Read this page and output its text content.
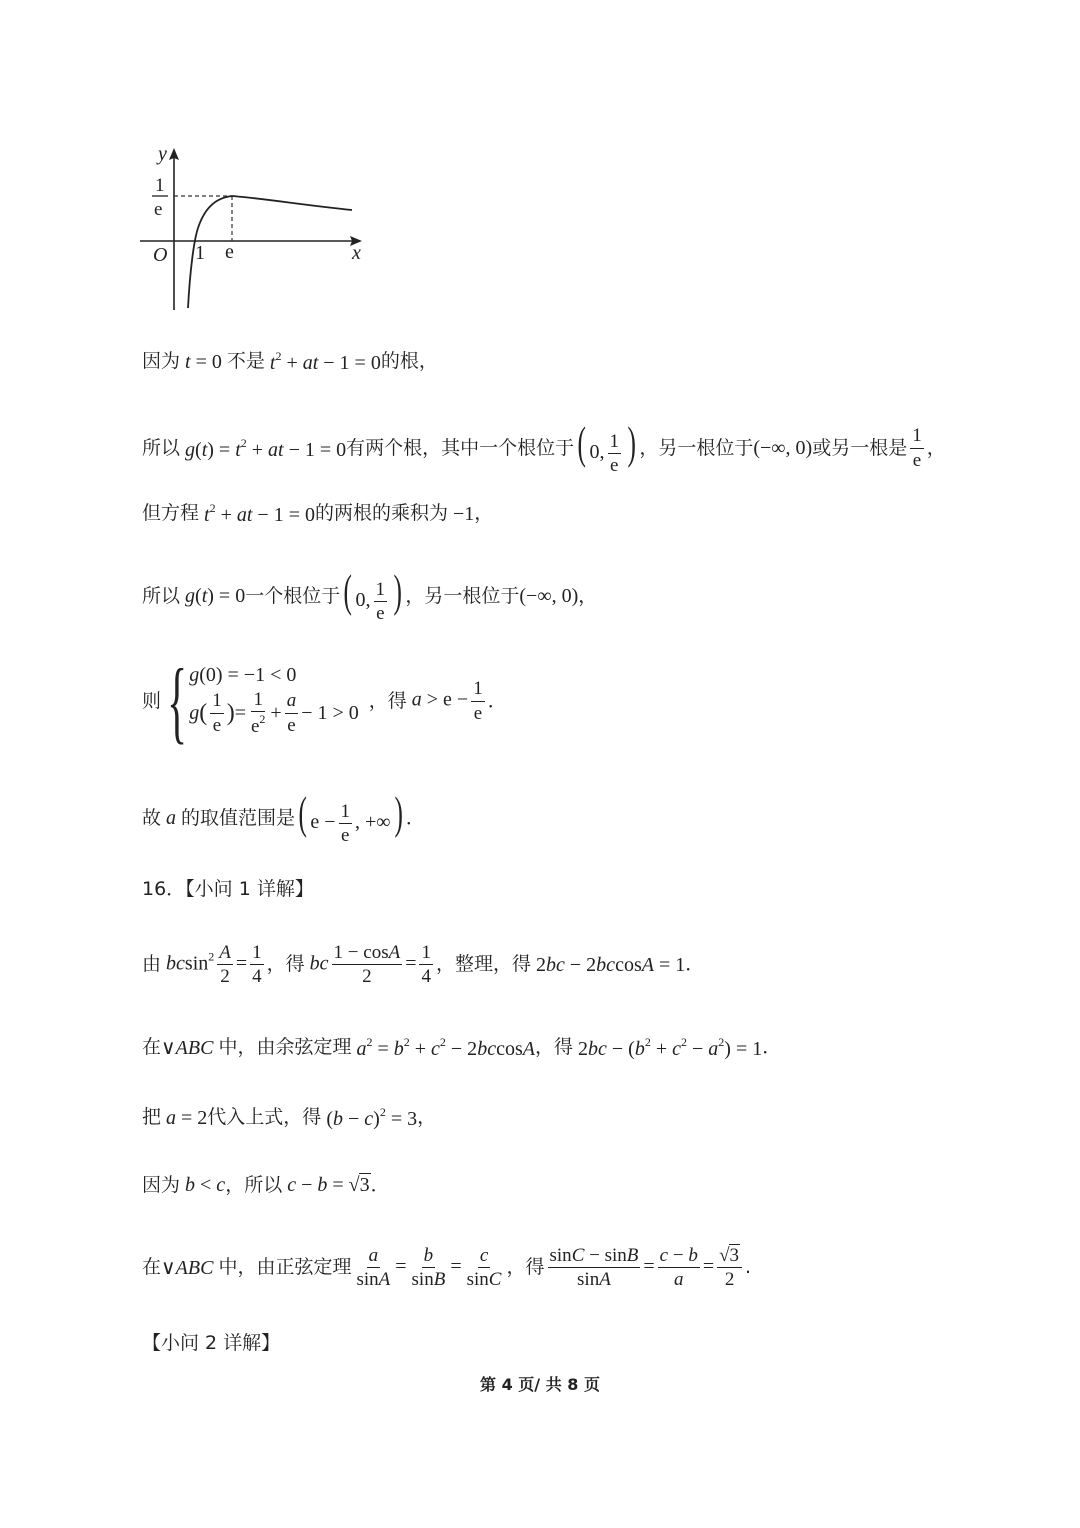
y
x
O 1 e
1
e
因为 t = 0 不是 $t^2$ + at − 1 = 0 的根，
所以 $g(t) = t^2$ + at − 1 = 0 有两个根，其中一个根位于 ( 0, $\frac{1}{e}$ ) ，另一根位于 (−∞, 0) 或另一根是 $\frac{1}{e}$ ，
但方程 $t^2$ + at − 1 = 0 的两根的乘积为 −1 ，
所以 g(t) = 0 一个根位于 ( 0, $\frac{1}{e}$ ) ，另一根位于 (−∞, 0) ，
则 { g (0) = −1 < 0
g ( $\frac{1}{e}$ ) = $\frac{1}{e^2} + \frac{a}{e} - 1 > 0$
，得 $a > e - \frac{1}{e}$ ．
故 a 的取值范围是 ( $e - \frac{1}{e}$ , +∞) ．
16．【小问 1 详解】
由 $bcsin^2 \frac{A}{2} = \frac{1}{4}$ ，得 bc $\frac{1 - \cos A}{2} = \frac{1}{4}$ ，整理，得 2bc − 2bccosA = 1 ．
在 ∨ABC 中，由余弦定理 $a^2 = b^2 + c^2 - 2bccosA$ ，得 $2bc - (b^2 + c^2 - a^2) = 1$ ．
把 a = 2 代入上式，得 $(b - c)^2 = 3$ ，
因为 b < c ，所以 c − b = √3 ．
在 ∨ABC 中，由正弦定理 $\frac{a}{\sin A} = \frac{b}{\sin B} = \frac{c}{\sin C}$ ，得 $\frac{\sin C - \sin B}{\sin A} = \frac{c - b}{a} = \frac{√3}{2}$ .
【小问 2 详解】
第 4 页/ 共 8 页
